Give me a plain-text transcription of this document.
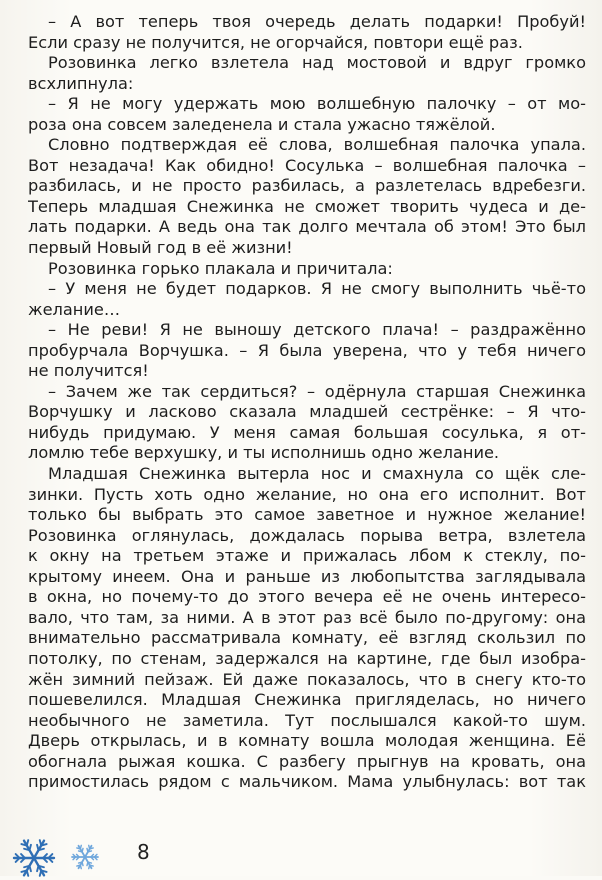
– А вот теперь твоя очередь делать подарки! Пробуй!
Если сразу не получится, не огорчайся, повтори ещё раз.
Розовинка легко взлетела над мостовой и вдруг громко
всхлипнула:
– Я не могу удержать мою волшебную палочку – от мо-
роза она совсем заледенела и стала ужасно тяжёлой.
Словно подтверждая её слова, волшебная палочка упала.
Вот незадача! Как обидно! Сосулька – волшебная палочка –
разбилась, и не просто разбилась, а разлетелась вдребезги.
Теперь младшая Снежинка не сможет творить чудеса и де-
лать подарки. А ведь она так долго мечтала об этом! Это был
первый Новый год в её жизни!
Розовинка горько плакала и причитала:
– У меня не будет подарков. Я не смогу выполнить чьё-то
желание…
– Не реви! Я не выношу детского плача! – раздражённо
пробурчала Ворчушка. – Я была уверена, что у тебя ничего
не получится!
– Зачем же так сердиться? – одёрнула старшая Снежинка
Ворчушку и ласково сказала младшей сестрёнке: – Я что-
нибудь придумаю. У меня самая большая сосулька, я от-
ломлю тебе верхушку, и ты исполнишь одно желание.
Младшая Снежинка вытерла нос и смахнула со щёк сле-
зинки. Пусть хоть одно желание, но она его исполнит. Вот
только бы выбрать это самое заветное и нужное желание!
Розовинка оглянулась, дождалась порыва ветра, взлетела
к окну на третьем этаже и прижалась лбом к стеклу, по-
крытому инеем. Она и раньше из любопытства заглядывала
в окна, но почему-то до этого вечера её не очень интересо-
вало, что там, за ними. А в этот раз всё было по-другому: она
внимательно рассматривала комнату, её взгляд скользил по
потолку, по стенам, задержался на картине, где был изобра-
жён зимний пейзаж. Ей даже показалось, что в снегу кто-то
пошевелился. Младшая Снежинка пригляделась, но ничего
необычного не заметила. Тут послышался какой-то шум.
Дверь открылась, и в комнату вошла молодая женщина. Её
обогнала рыжая кошка. С разбегу прыгнув на кровать, она
примостилась рядом с мальчиком. Мама улыбнулась: вот так
8
